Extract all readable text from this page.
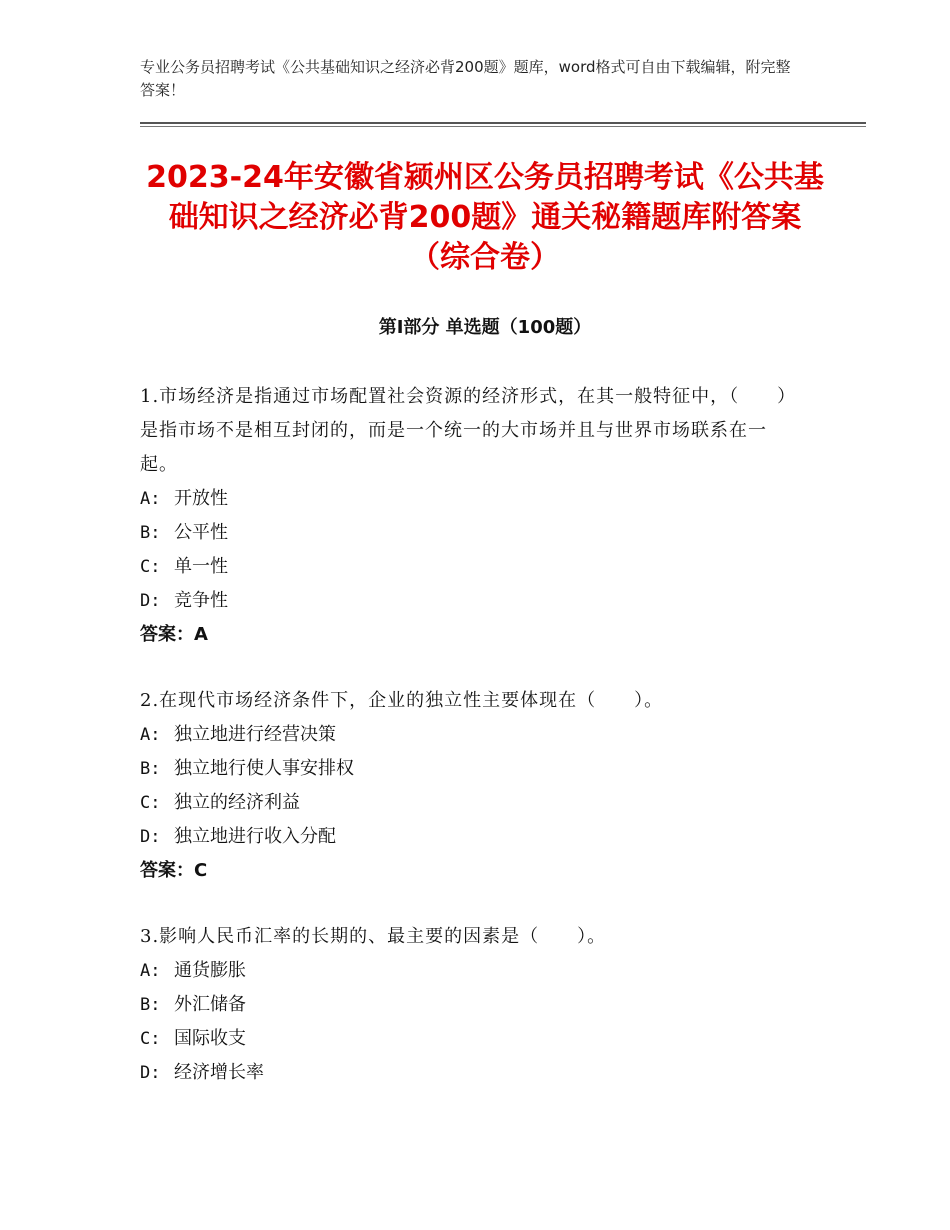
专业公务员招聘考试《公共基础知识之经济必背200题》题库，word格式可自由下载编辑，附完整答案！
2023-24年安徽省颍州区公务员招聘考试《公共基础知识之经济必背200题》通关秘籍题库附答案（综合卷）
第Ⅰ部分 单选题（100题）
1.市场经济是指通过市场配置社会资源的经济形式，在其一般特征中，（　　）是指市场不是相互封闭的，而是一个统一的大市场并且与世界市场联系在一起。
A: 开放性
B: 公平性
C: 单一性
D: 竞争性
答案：A
2.在现代市场经济条件下，企业的独立性主要体现在（　　）。
A: 独立地进行经营决策
B: 独立地行使人事安排权
C: 独立的经济利益
D: 独立地进行收入分配
答案：C
3.影响人民币汇率的长期的、最主要的因素是（　　）。
A: 通货膨胀
B: 外汇储备
C: 国际收支
D: 经济增长率
